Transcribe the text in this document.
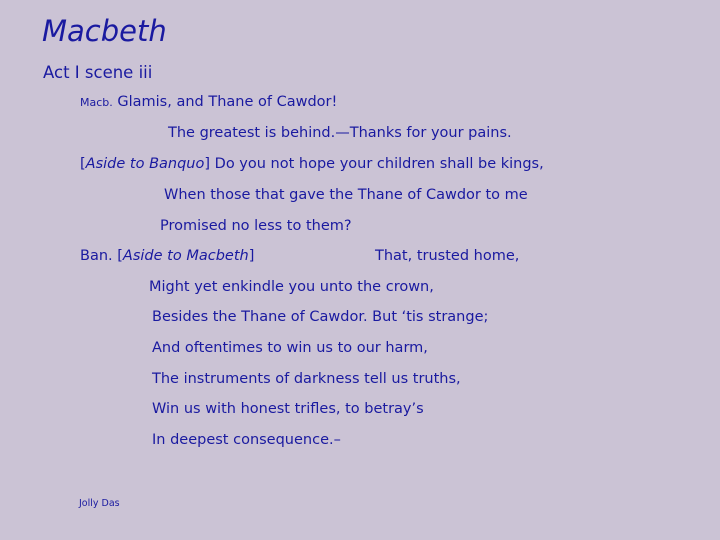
Macbeth
Act I scene iii
Macb. Glamis, and Thane of Cawdor!
The greatest is behind.—Thanks for your pains.
[Aside to Banquo] Do you not hope your children shall be kings,
When those that gave the Thane of Cawdor to me
Promised no less to them?
Ban. [Aside to Macbeth]	That, trusted home,
Might yet enkindle you unto the crown,
Besides the Thane of Cawdor. But ‘tis strange;
And oftentimes to win us to our harm,
The instruments of darkness tell us truths,
Win us with honest trifles, to betray’s
In deepest consequence.–
Jolly Das
